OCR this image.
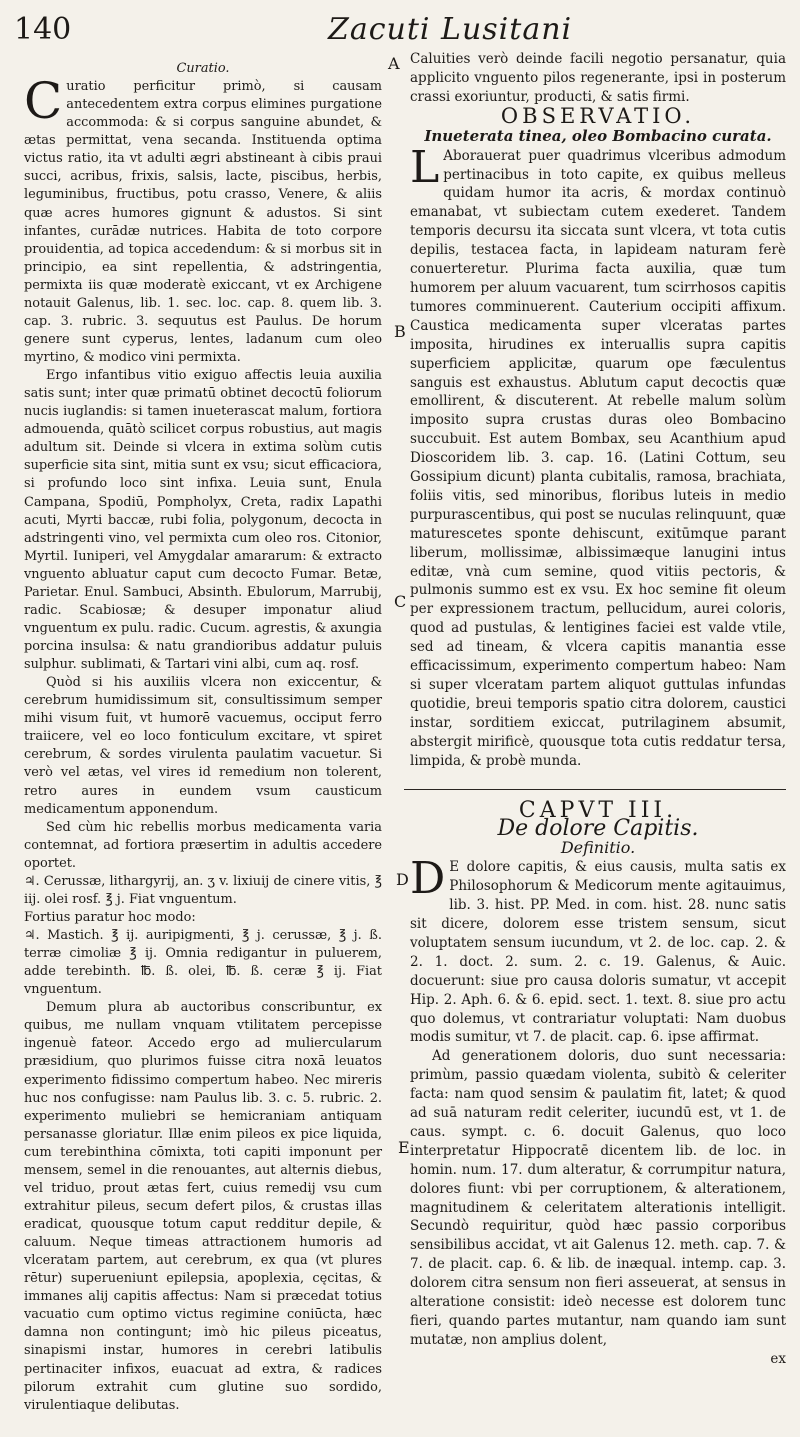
140	Zacuti Lusitani
A
B
C
D
E

Curatio.

Curatio perficitur primò, si causam antecedentem extra corpus elimines purgatione accommoda: & si corpus sanguine abundet, & ætas permittat, vena secanda. Instituenda optima victus ratio, ita vt adulti ægri abstineant à cibis praui succi, acribus, frixis, salsis, lacte, piscibus, herbis, leguminibus, fructibus, potu crasso, Venere, & aliis quæ acres humores gignunt & adustos. Si sint infantes, curādæ nutrices. Habita de toto corpore prouidentia, ad topica accedendum: & si morbus sit in principio, ea sint repellentia, & adstringentia, permixta iis quæ moderatè exiccant, vt ex Archigene notauit Galenus, lib. 1. sec. loc. cap. 8. quem lib. 3. cap. 3. rubric. 3. sequutus est Paulus. De horum genere sunt cyperus, lentes, ladanum cum oleo myrtino, & modico vini permixta.

Ergo infantibus vitio exiguo affectis leuia auxilia satis sunt; inter quæ primatū obtinet decoctū foliorum nucis iuglandis: si tamen inueterascat malum, fortiora admouenda, quātò scilicet corpus robustius, aut magis adultum sit. Deinde si vlcera in extima solùm cutis superficie sita sint, mitia sunt ex vsu; sicut efficaciora, si profundo loco sint infixa. Leuia sunt, Enula Campana, Spodiū, Pompholyx, Creta, radix Lapathi acuti, Myrti baccæ, rubi folia, polygonum, decocta in adstringenti vino, vel permixta cum oleo ros. Citonior, Myrtil. Iuniperi, vel Amygdalar amararum: & extracto vnguento abluatur caput cum decocto Fumar. Betæ, Parietar. Enul. Sambuci, Absinth. Ebulorum, Marrubij, radic. Scabiosæ; & desuper imponatur aliud vnguentum ex pulu. radic. Cucum. agrestis, & axungia porcina insulsa: & natu grandioribus addatur puluis sulphur. sublimati, & Tartari vini albi, cum aq. rosf.

Quòd si his auxiliis vlcera non exiccentur, & cerebrum humidissimum sit, consultissimum semper mihi visum fuit, vt humorē vacuemus, occiput ferro traiicere, vel eo loco fonticulum excitare, vt spiret cerebrum, & sordes virulenta paulatim vacuetur. Si verò vel ætas, vel vires id remedium non tolerent, retro aures in eundem vsum causticum medicamentum apponendum.

Sed cùm hic rebellis morbus medicamenta varia contemnat, ad fortiora præsertim in adultis accedere oportet.

♃. Cerussæ, lithargyrij, an. ʒ v. lixiuij de cinere vitis, ℥ iij. olei rosf. ℥ j. Fiat vnguentum.

Fortius paratur hoc modo:

♃. Mastich. ℥ ij. auripigmenti, ℥ j. cerussæ, ℥ j. ß. terræ cimoliæ ℥ ij. Omnia redigantur in puluerem, adde terebinth. ℔. ß. olei, ℔. ß. ceræ ℥ ij. Fiat vnguentum.

Demum plura ab auctoribus conscribuntur, ex quibus, me nullam vnquam vtilitatem percepisse ingenuè fateor. Accedo ergo ad muliercularum præsidium, quo plurimos fuisse citra noxā leuatos experimento fidissimo compertum habeo. Nec mireris huc nos confugisse: nam Paulus lib. 3. c. 5. rubric. 2. experimento muliebri se hemicraniam antiquam persanasse gloriatur. Illæ enim pileos ex pice liquida, cum terebinthina cōmixta, toti capiti imponunt per mensem, semel in die renouantes, aut alternis diebus, vel triduo, prout ætas fert, cuius remedij vsu cum extrahitur pileus, secum defert pilos, & crustas illas eradicat, quousque totum caput redditur depile, & caluum. Neque timeas attractionem humoris ad vlceratam partem, aut cerebrum, ex qua (vt plures rētur) superueniunt epilepsia, apoplexia, cęcitas, & immanes alij capitis affectus: Nam si præcedat totius vacuatio cum optimo victus regimine coniūcta, hæc damna non contingunt; imò hic pileus piceatus, sinapismi instar, humores in cerebri latibulis pertinaciter infixos, euacuat ad extra, & radices pilorum extrahit cum glutine suo sordido, virulentiaque delibutas.

Caluities verò deinde facili negotio persanatur, quia applicito vnguento pilos regenerante, ipsi in posterum crassi exoriuntur, producti, & satis firmi.

OBSERVATIO.

Inueterata tinea, oleo Bombacino curata.

L Aborauerat puer quadrimus vlceribus admodum pertinacibus in toto capite, ex quibus melleus quidam humor ita acris, & mordax continuò emanabat, vt subiectam cutem exederet. Tandem temporis decursu ita siccata sunt vlcera, vt tota cutis depilis, testacea facta, in lapideam naturam ferè conuerteretur. Plurima facta auxilia, quæ tum humorem per aluum vacuarent, tum scirrhosos capitis tumores comminuerent. Cauterium occipiti affixum. Caustica medicamenta super vlceratas partes imposita, hirudines ex interuallis supra capitis superficiem applicitæ, quarum ope fæculentus sanguis est exhaustus. Ablutum caput decoctis quæ emollirent, & discuterent. At rebelle malum solùm imposito supra crustas duras oleo Bombacino succubuit. Est autem Bombax, seu Acanthium apud Dioscoridem lib. 3. cap. 16. (Latini Cottum, seu Gossipium dicunt) planta cubitalis, ramosa, brachiata, foliis vitis, sed minoribus, floribus luteis in medio purpurascentibus, qui post se nuculas relinquunt, quæ maturescetes sponte dehiscunt, exitūmque parant liberum, mollissimæ, albissimæque lanugini intus editæ, vnà cum semine, quod vitiis pectoris, & pulmonis summo est ex vsu. Ex hoc semine fit oleum per expressionem tractum, pellucidum, aurei coloris, quod ad pustulas, & lentigines faciei est valde vtile, sed ad tineam, & vlcera capitis manantia esse efficacissimum, experimento compertum habeo: Nam si super vlceratam partem aliquot guttulas infundas quotidie, breui temporis spatio citra dolorem, caustici instar, sorditiem exiccat, putrilaginem absumit, abstergit mirificè, quousque tota cutis reddatur tersa, limpida, & probè munda.

CAPVT III.

De dolore Capitis.

Definitio.

D E dolore capitis, & eius causis, multa satis ex Philosophorum & Medicorum mente agitauimus, lib. 3. hist. PP. Med. in com. hist. 28. nunc satis sit dicere, dolorem esse tristem sensum, sicut voluptatem sensum iucundum, vt 2. de loc. cap. 2. & 2. 1. doct. 2. sum. 2. c. 19. Galenus, & Auic. docuerunt: siue pro causa doloris sumatur, vt accepit Hip. 2. Aph. 6. & 6. epid. sect. 1. text. 8. siue pro actu quo dolemus, vt contrariatur voluptati: Nam duobus modis sumitur, vt 7. de placit. cap. 6. ipse affirmat.

Ad generationem doloris, duo sunt necessaria: primùm, passio quædam violenta, subitò & celeriter facta: nam quod sensim & paulatim fit, latet; & quod ad suā naturam redit celeriter, iucundū est, vt 1. de caus. sympt. c. 6. docuit Galenus, quo loco interpretatur Hippocratē dicentem lib. de loc. in homin. num. 17. dum alteratur, & corrumpitur natura, dolores fiunt: vbi per corruptionem, & alterationem, magnitudinem & celeritatem alterationis intelligit. Secundò requiritur, quòd hæc passio corporibus sensibilibus accidat, vt ait Galenus 12. meth. cap. 7. & 7. de placit. cap. 6. & lib. de inæqual. intemp. cap. 3. dolorem citra sensum non fieri asseuerat, at sensus in alteratione consistit: ideò necesse est dolorem tunc fieri, quando partes mutantur, nam quando iam sunt mutatæ, non amplius dolent,

ex
